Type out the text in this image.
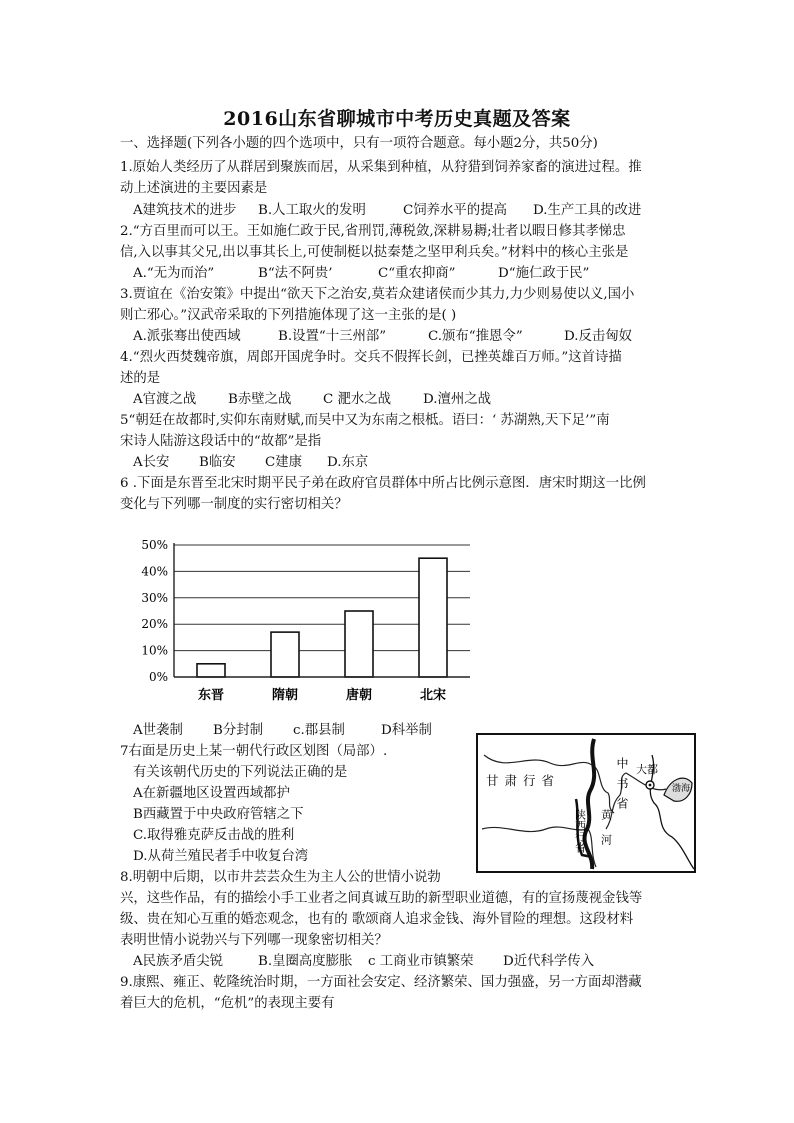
2016山东省聊城市中考历史真题及答案
一、选择题(下列各小题的四个选项中，只有一项符合题意。每小题2分，共50分)
1.原始人类经历了从群居到聚族而居，从采集到种植，从狩猎到饲养家畜的演进过程。推
动上述演进的主要因素是
A建筑技术的进步 B.人工取火的发明	C饲养水平的提高 D.生产工具的改进
2.“方百里而可以王。王如施仁政于民,省刑罚,薄税敛,深耕易耨;壮者以暇日修其孝悌忠
信,入以事其父兄,出以事其长上,可使制梃以挞秦楚之坚甲利兵矣。”材料中的核心主张是
A.“无为而治”	B“法不阿贵’	C“重农抑商”	D“施仁政于民”
3.贾谊在《治安策》中提出“欲天下之治安,莫若众建诸侯而少其力,力少则易使以义,国小
则亡邪心。”汉武帝采取的下列措施体现了这一主张的是( )
A.派张骞出使西域	B.设置“十三州部”	C.颁布“推恩令”	D.反击匈奴
4.“烈火西焚魏帝旗，周郎开国虎争时。交兵不假挥长剑，已挫英雄百万师。”这首诗描
述的是
A官渡之战 B赤壁之战 C 淝水之战 D.澶州之战
5“朝廷在故都时,实仰东南财赋,而吴中又为东南之根柢。语曰：‘ 苏湖熟,天下足’”南
宋诗人陆游这段话中的“故都”是指
A长安 B临安 C建康 D.东京
6 .下面是东晋至北宋时期平民子弟在政府官员群体中所占比例示意图．唐宋时期这一比例
变化与下列哪一制度的实行密切相关？
50%
40%
30%
20%
10%
0%
东晋	隋朝	唐朝	北宋
A世袭制 B分封制 c.郡县制	D科举制
7右面是历史上某一朝代行政区划图（局部）.
有关该朝代历史的下列说法正确的是
A在新疆地区设置西域都护
B西藏置于中央政府管辖之下
C.取得雅克萨反击战的胜利
D.从荷兰殖民者手中收复台湾
甘肃行省
陕西行省
中书省 大都
黄河
渤海
8.明朝中后期，以市井芸芸众生为主人公的世情小说勃
兴，这些作品，有的描绘小手工业者之间真诚互助的新型职业道德，有的宣扬蔑视金钱等
级、贵在知心互重的婚恋观念，也有的 歌颂商人追求金钱、海外冒险的理想。这段材料
表明世情小说勃兴与下列哪一现象密切相关？
A民族矛盾尖锐	B.皇圈高度膨胀 c 工商业市镇繁荣 D近代科学传入
9.康熙、雍正、乾隆统治时期，一方面社会安定、经济繁荣、国力强盛，另一方面却潜藏
着巨大的危机，“危机”的表现主要有
